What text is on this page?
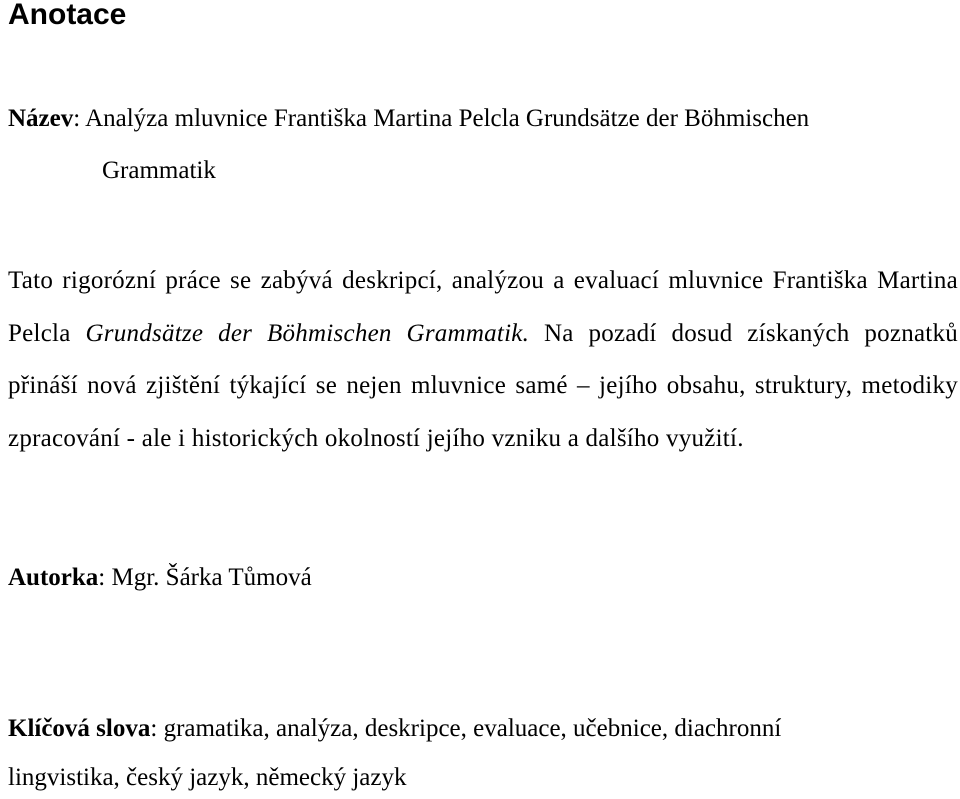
Anotace
Název: Analýza mluvnice Františka Martina Pelcla Grundsätze der Böhmischen
Grammatik

Tato rigorózní práce se zabývá deskripcí, analýzou a evaluací mluvnice Františka Martina Pelcla Grundsätze der Böhmischen Grammatik. Na pozadí dosud získaných poznatků přináší nová zjištění týkající se nejen mluvnice samé – jejího obsahu, struktury, metodiky zpracování - ale i historických okolností jejího vzniku a dalšího využití.

Autorka: Mgr. Šárka Tůmová
Klíčová slova: gramatika, analýza, deskripce, evaluace, učebnice, diachronní
lingvistika, český jazyk, německý jazyk
